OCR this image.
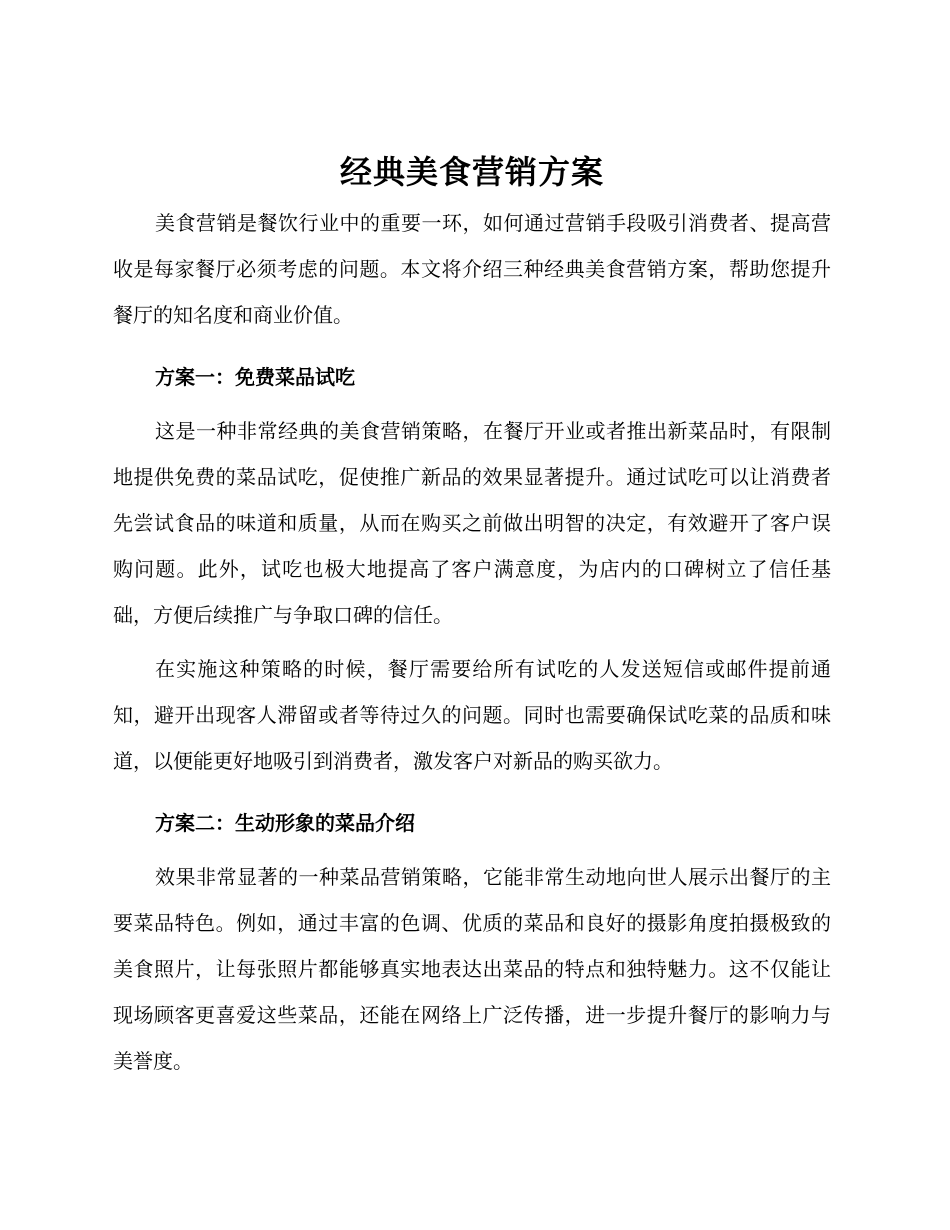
经典美食营销方案

美食营销是餐饮行业中的重要一环，如何通过营销手段吸引消费者、提高营收是每家餐厅必须考虑的问题。本文将介绍三种经典美食营销方案，帮助您提升餐厅的知名度和商业价值。

方案一：免费菜品试吃

这是一种非常经典的美食营销策略，在餐厅开业或者推出新菜品时，有限制地提供免费的菜品试吃，促使推广新品的效果显著提升。通过试吃可以让消费者先尝试食品的味道和质量，从而在购买之前做出明智的决定，有效避开了客户误购问题。此外，试吃也极大地提高了客户满意度，为店内的口碑树立了信任基础，方便后续推广与争取口碑的信任。

在实施这种策略的时候，餐厅需要给所有试吃的人发送短信或邮件提前通知，避开出现客人滞留或者等待过久的问题。同时也需要确保试吃菜的品质和味道，以便能更好地吸引到消费者，激发客户对新品的购买欲力。

方案二：生动形象的菜品介绍

效果非常显著的一种菜品营销策略，它能非常生动地向世人展示出餐厅的主要菜品特色。例如，通过丰富的色调、优质的菜品和良好的摄影角度拍摄极致的美食照片，让每张照片都能够真实地表达出菜品的特点和独特魅力。这不仅能让现场顾客更喜爱这些菜品，还能在网络上广泛传播，进一步提升餐厅的影响力与美誉度。
